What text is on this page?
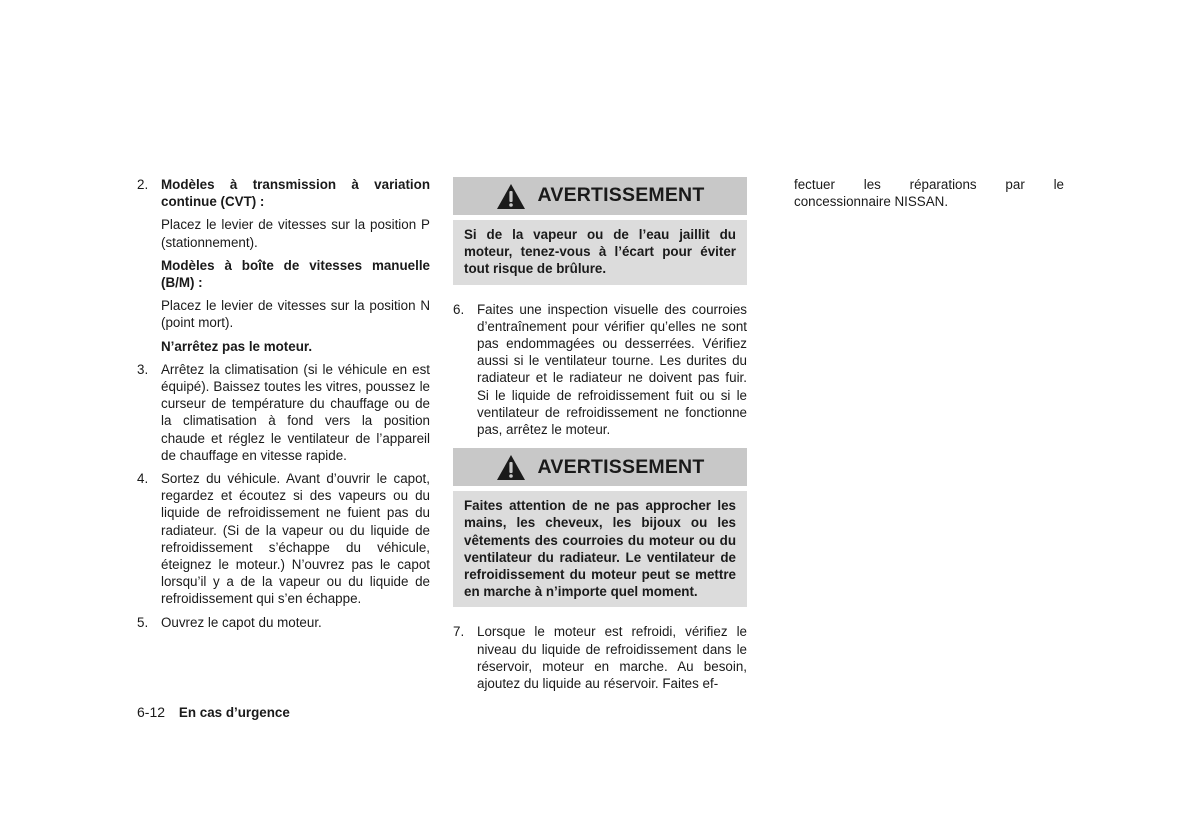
2. Modèles à transmission à variation continue (CVT) :
Placez le levier de vitesses sur la position P (stationnement).
Modèles à boîte de vitesses manuelle (B/M) :
Placez le levier de vitesses sur la position N (point mort).
N’arrêtez pas le moteur.
3. Arrêtez la climatisation (si le véhicule en est équipé). Baissez toutes les vitres, poussez le curseur de température du chauffage ou de la climatisation à fond vers la position chaude et réglez le ventilateur de l’appareil de chauffage en vitesse rapide.
4. Sortez du véhicule. Avant d’ouvrir le capot, regardez et écoutez si des vapeurs ou du liquide de refroidissement ne fuient pas du radiateur. (Si de la vapeur ou du liquide de refroidissement s’échappe du véhicule, éteignez le moteur.) N’ouvrez pas le capot lorsqu’il y a de la vapeur ou du liquide de refroidissement qui s’en échappe.
5. Ouvrez le capot du moteur.
AVERTISSEMENT
Si de la vapeur ou de l’eau jaillit du moteur, tenez-vous à l’écart pour éviter tout risque de brûlure.
6. Faites une inspection visuelle des courroies d’entraînement pour vérifier qu’elles ne sont pas endommagées ou desserrées. Vérifiez aussi si le ventilateur tourne. Les durites du radiateur et le radiateur ne doivent pas fuir. Si le liquide de refroidissement fuit ou si le ventilateur de refroidissement ne fonctionne pas, arrêtez le moteur.
AVERTISSEMENT
Faites attention de ne pas approcher les mains, les cheveux, les bijoux ou les vêtements des courroies du moteur ou du ventilateur du radiateur. Le ventilateur de refroidissement du moteur peut se mettre en marche à n’importe quel moment.
7. Lorsque le moteur est refroidi, vérifiez le niveau du liquide de refroidissement dans le réservoir, moteur en marche. Au besoin, ajoutez du liquide au réservoir. Faites ef-
fectuer les réparations par le concessionnaire NISSAN.
6-12 En cas d’urgence
